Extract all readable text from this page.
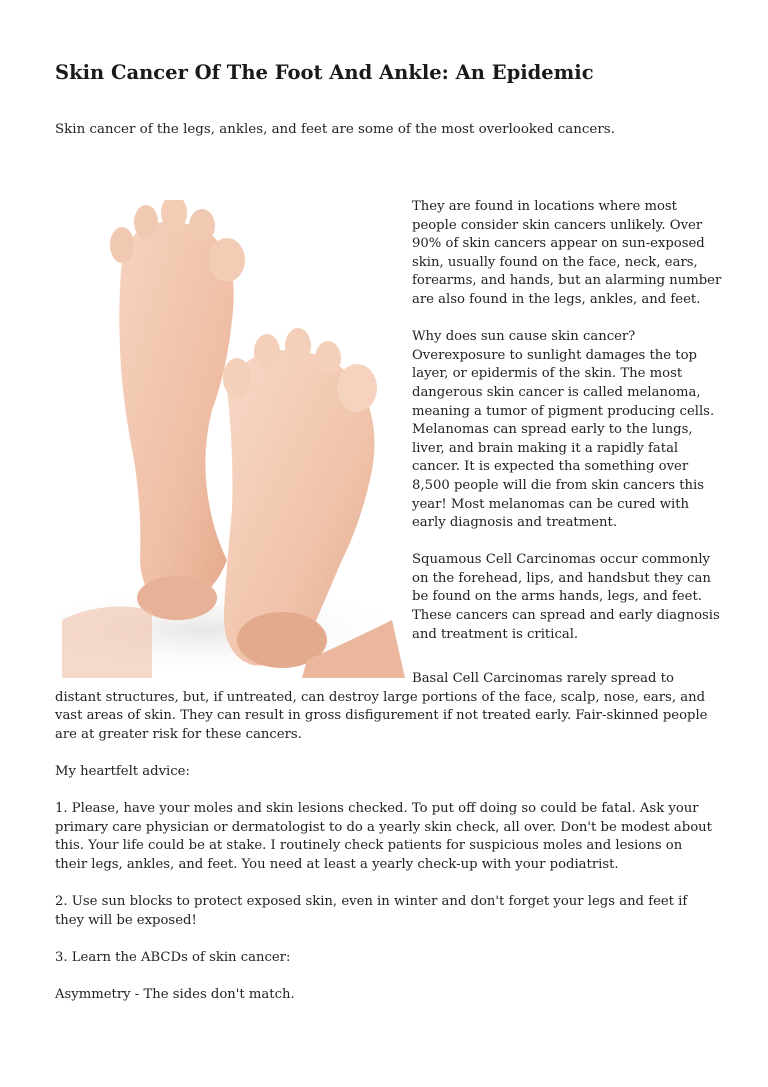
Skin Cancer Of The Foot And Ankle: An Epidemic

Skin cancer of the legs, ankles, and feet are some of the most overlooked cancers.

They are found in locations where most people consider skin cancers unlikely. Over 90% of skin cancers appear on sun-exposed skin, usually found on the face, neck, ears, forearms, and hands, but an alarming number are also found in the legs, ankles, and feet.

Why does sun cause skin cancer? Overexposure to sunlight damages the top layer, or epidermis of the skin. The most dangerous skin cancer is called melanoma, meaning a tumor of pigment producing cells. Melanomas can spread early to the lungs, liver, and brain making it a rapidly fatal cancer. It is expected tha something over 8,500 people will die from skin cancers this year! Most melanomas can be cured with early diagnosis and treatment.

Squamous Cell Carcinomas occur commonly on the forehead, lips, and handsbut they can be found on the arms hands, legs, and feet. These cancers can spread and early diagnosis and treatment is critical.

Basal Cell Carcinomas rarely spread to
distant structures, but, if untreated, can destroy large portions of the face, scalp, nose, ears, and vast areas of skin. They can result in gross disfigurement if not treated early. Fair-skinned people are at greater risk for these cancers.

My heartfelt advice:

1. Please, have your moles and skin lesions checked. To put off doing so could be fatal. Ask your primary care physician or dermatologist to do a yearly skin check, all over. Don't be modest about this. Your life could be at stake. I routinely check patients for suspicious moles and lesions on their legs, ankles, and feet. You need at least a yearly check-up with your podiatrist.

2. Use sun blocks to protect exposed skin, even in winter and don't forget your legs and feet if they will be exposed!

3. Learn the ABCDs of skin cancer:

Asymmetry - The sides don't match.
